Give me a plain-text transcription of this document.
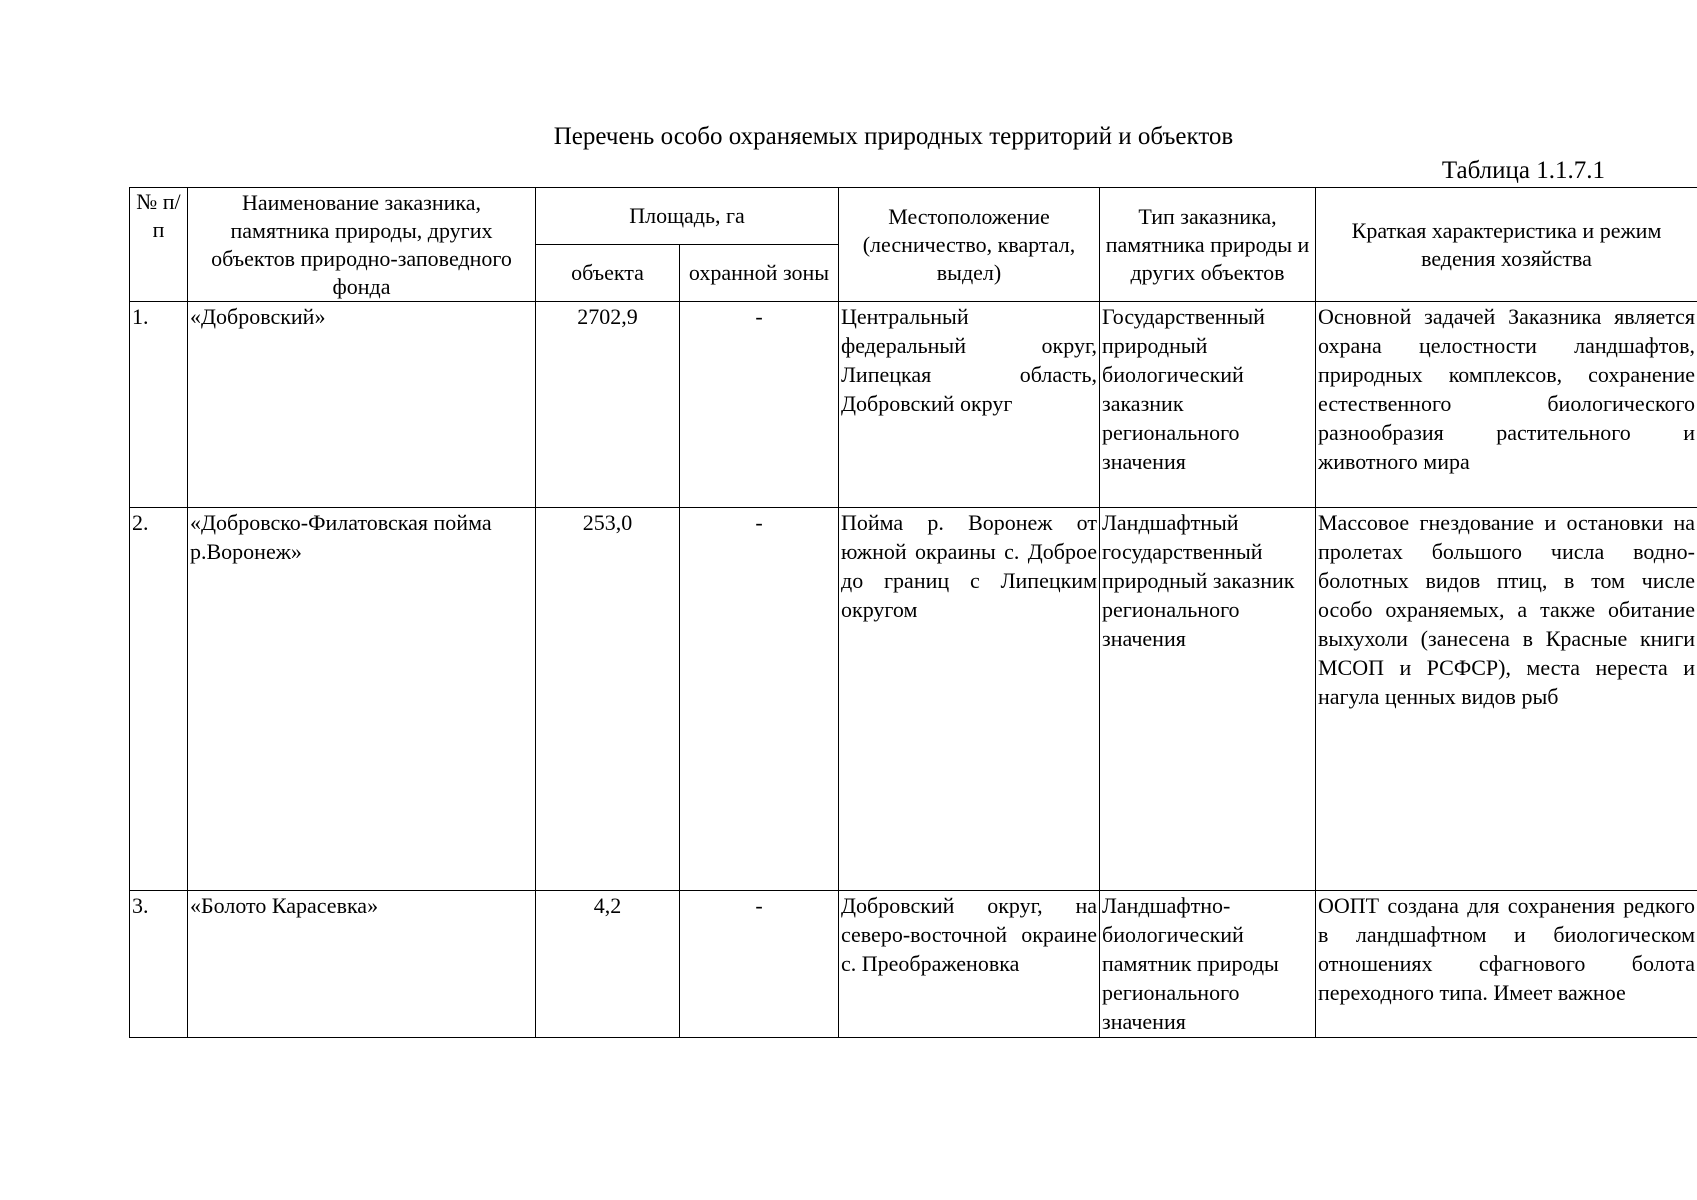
Перечень особо охраняемых природных территорий и объектов
Таблица 1.1.7.1
№ п/п	Наименование заказника, памятника природы, других объектов природно-заповедного фонда	Площадь, га		Местоположение (лесничество, квартал, выдел)	Тип заказника, памятника природы и других объектов	Краткая характеристика и режим ведения хозяйства
		объекта	охранной зоны			
1.	«Добровский»	2702,9	-	Центральный федеральный округ, Липецкая область, Добровский округ	Государственный природный биологический заказник регионального значения	Основной задачей Заказника является охрана целостности ландшафтов, природных комплексов, сохранение естественного биологического разнообразия растительного и животного мира
2.	«Добровско-Филатовская пойма р.Воронеж»	253,0	-	Пойма р. Воронеж от южной окраины с. Доброе до границ с Липецким округом	Ландшафтный государственный природный заказник регионального значения	Массовое гнездование и остановки на пролетах большого числа водно-болотных видов птиц, в том числе особо охраняемых, а также обитание выхухоли (занесена в Красные книги МСОП и РСФСР), места нереста и нагула ценных видов рыб
3.	«Болото Карасевка»	4,2	-	Добровский округ, на северо-восточной окраине с. Преображеновка	Ландшафтно-биологический памятник природы регионального значения	ООПТ создана для сохранения редкого в ландшафтном и биологическом отношениях сфагнового болота переходного типа. Имеет важное
